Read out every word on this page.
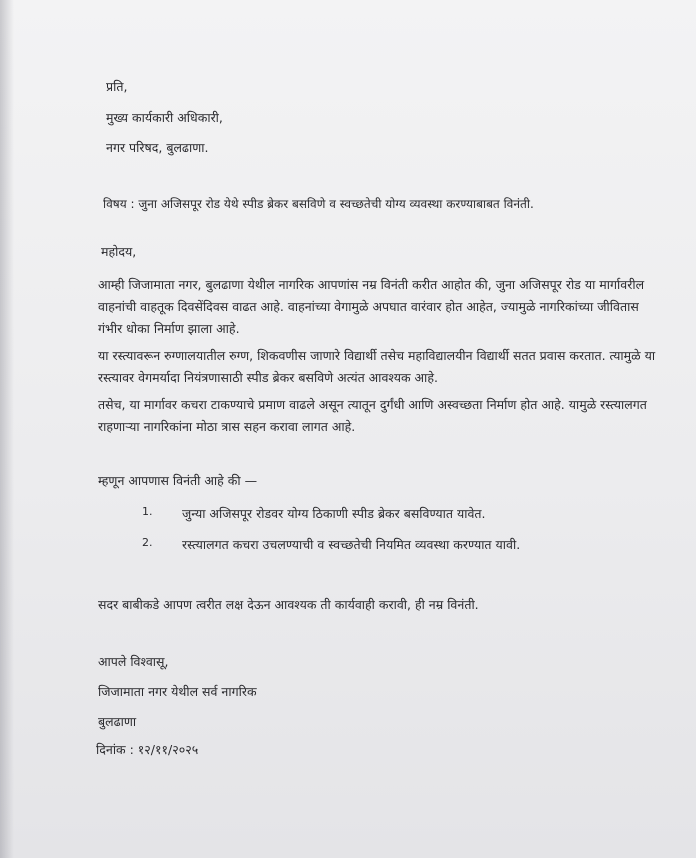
प्रति,
मुख्य कार्यकारी अधिकारी,
नगर परिषद, बुलढाणा.
विषय : जुना अजिसपूर रोड येथे स्पीड ब्रेकर बसविणे व स्वच्छतेची योग्य व्यवस्था करण्याबाबत विनंती.
महोदय,
आम्ही जिजामाता नगर, बुलढाणा येथील नागरिक आपणांस नम्र विनंती करीत आहोत की, जुना अजिसपूर रोड या मार्गावरील वाहनांची वाहतूक दिवसेंदिवस वाढत आहे. वाहनांच्या वेगामुळे अपघात वारंवार होत आहेत, ज्यामुळे नागरिकांच्या जीवितास गंभीर धोका निर्माण झाला आहे.
या रस्त्यावरून रुग्णालयातील रुग्ण, शिकवणीस जाणारे विद्यार्थी तसेच महाविद्यालयीन विद्यार्थी सतत प्रवास करतात. त्यामुळे या रस्त्यावर वेगमर्यादा नियंत्रणासाठी स्पीड ब्रेकर बसविणे अत्यंत आवश्यक आहे.
तसेच, या मार्गावर कचरा टाकण्याचे प्रमाण वाढले असून त्यातून दुर्गंधी आणि अस्वच्छता निर्माण होत आहे. यामुळे रस्त्यालगत राहणाऱ्या नागरिकांना मोठा त्रास सहन करावा लागत आहे.
म्हणून आपणास विनंती आहे की —
1. जुन्या अजिसपूर रोडवर योग्य ठिकाणी स्पीड ब्रेकर बसविण्यात यावेत.
2. रस्त्यालगत कचरा उचलण्याची व स्वच्छतेची नियमित व्यवस्था करण्यात यावी.
सदर बाबीकडे आपण त्वरीत लक्ष देऊन आवश्यक ती कार्यवाही करावी, ही नम्र विनंती.
आपले विश्वासू,
जिजामाता नगर येथील सर्व नागरिक
बुलढाणा
दिनांक : १२/११/२०२५
